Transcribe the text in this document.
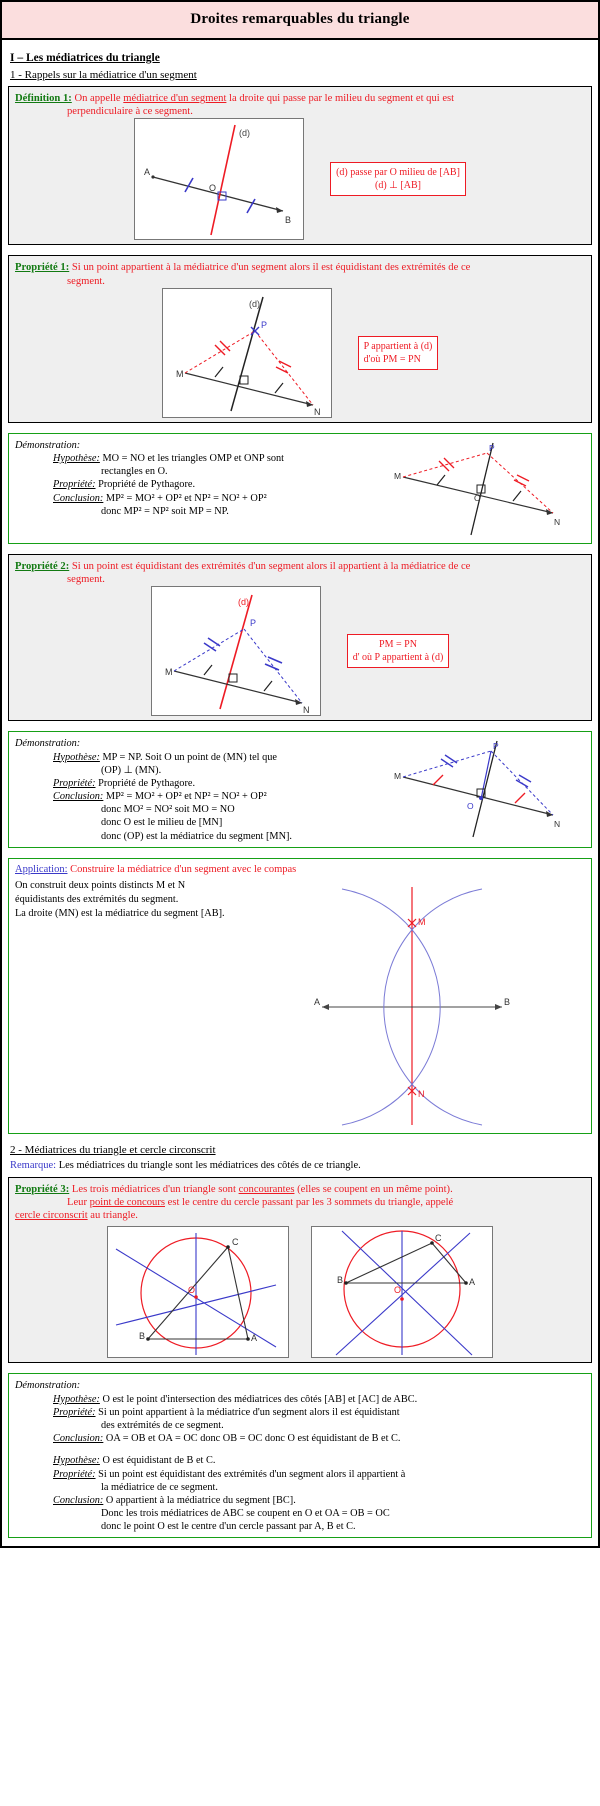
Droites remarquables du triangle
I – Les médiatrices du triangle
1 - Rappels sur la médiatrice d'un segment
Définition 1: On appelle médiatrice d'un segment la droite qui passe par le milieu du segment et qui est
perpendiculaire à ce segment.
(d)
A
B
O
(d) passe par O milieu de [AB]
(d) ⊥ [AB]
Propriété 1: Si un point appartient à la médiatrice d'un segment alors il est équidistant des extrémités de ce
segment.
(d)
P
M
N
P appartient à (d)
d'où PM = PN
Démonstration:
Hypothèse: MO = NO et les triangles OMP et ONP sont
rectangles en O.
Propriété: Propriété de Pythagore.
Conclusion: MP² = MO² + OP² et NP² = NO² + OP²
donc MP² = NP² soit MP = NP.
P
M
N
O
Propriété 2: Si un point est équidistant des extrémités d'un segment alors il appartient à la médiatrice de ce
segment.
(d)
P
M
N
PM = PN
d' où P appartient à (d)
Démonstration:
Hypothèse: MP = NP. Soit O un point de (MN) tel que
(OP) ⊥ (MN).
Propriété: Propriété de Pythagore.
Conclusion: MP² = MO² + OP² et NP² = NO² + OP²
donc MO² = NO² soit MO = NO
donc O est le milieu de [MN]
donc (OP) est la médiatrice du segment [MN].
P
M
N
O
Application: Construire la médiatrice d'un segment avec le compas
On construit deux points distincts M et N
équidistants des extrémités du segment.
La droite (MN) est la médiatrice du segment [AB].
M
N
A	B
2 - Médiatrices du triangle et cercle circonscrit
Remarque: Les médiatrices du triangle sont les médiatrices des côtés de ce triangle.
Propriété 3: Les trois médiatrices d'un triangle sont concourantes (elles se coupent en un même point).
Leur point de concours est le centre du cercle passant par les 3 sommets du triangle, appelé
cercle circonscrit au triangle.
C
B	A
O
C
B	A
O
Démonstration:
Hypothèse: O est le point d'intersection des médiatrices des côtés [AB] et [AC] de ABC.
Propriété: Si un point appartient à la médiatrice d'un segment alors il est équidistant
des extrémités de ce segment.
Conclusion: OA = OB et OA = OC donc OB = OC donc O est équidistant de B et C.
Hypothèse: O est équidistant de B et C.
Propriété: Si un point est équidistant des extrémités d'un segment alors il appartient à
la médiatrice de ce segment.
Conclusion: O appartient à la médiatrice du segment [BC].
Donc les trois médiatrices de ABC se coupent en O et OA = OB = OC
donc le point O est le centre d'un cercle passant par A, B et C.
